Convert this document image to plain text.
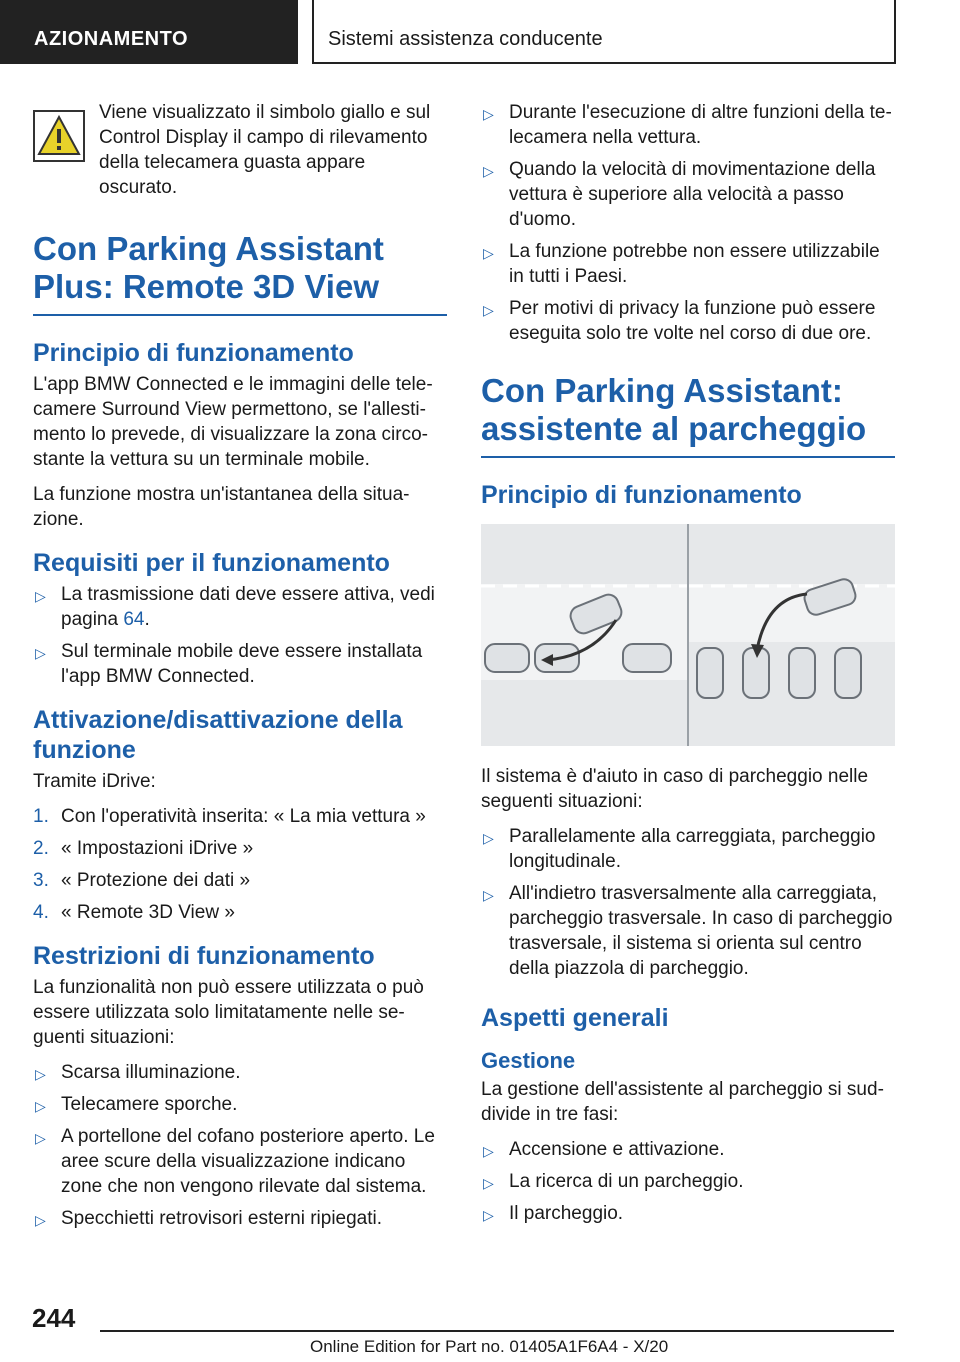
AZIONAMENTO	Sistemi assistenza conducente
Viene visualizzato il simbolo giallo e sul Control Display il campo di rilevamento della telecamera guasta appare oscurato.
Con Parking Assistant Plus: Remote 3D View
Principio di funzionamento

L'app BMW Connected e le immagini delle telecamere Surround View permettono, se l'allestimento lo prevede, di visualizzare la zona circostante la vettura su un terminale mobile.

La funzione mostra un'istantanea della situazione.

Requisiti per il funzionamento
▷ La trasmissione dati deve essere attiva, vedi pagina 64.
▷ Sul terminale mobile deve essere installata l'app BMW Connected.
Attivazione/disattivazione della funzione

Tramite iDrive:

1. Con l'operatività inserita: « La mia vettura »
2. « Impostazioni iDrive »
3. « Protezione dei dati »
4. « Remote 3D View »
Restrizioni di funzionamento

La funzionalità non può essere utilizzata o può essere utilizzata solo limitatamente nelle seguenti situazioni:

▷ Scarsa illuminazione.
▷ Telecamere sporche.
▷ A portellone del cofano posteriore aperto. Le aree scure della visualizzazione indicano zone che non vengono rilevate dal sistema.
▷ Specchietti retrovisori esterni ripiegati.
▷ Durante l'esecuzione di altre funzioni della telecamera nella vettura.
▷ Quando la velocità di movimentazione della vettura è superiore alla velocità a passo d'uomo.
▷ La funzione potrebbe non essere utilizzabile in tutti i Paesi.
▷ Per motivi di privacy la funzione può essere eseguita solo tre volte nel corso di due ore.
Con Parking Assistant: assistente al parcheggio
Principio di funzionamento

Il sistema è d'aiuto in caso di parcheggio nelle seguenti situazioni:

▷ Parallelamente alla carreggiata, parcheggio longitudinale.
▷ All'indietro trasversalmente alla carreggiata, parcheggio trasversale. In caso di parcheggio trasversale, il sistema si orienta sul centro della piazzola di parcheggio.
Aspetti generali
Gestione

La gestione dell'assistente al parcheggio si suddivide in tre fasi:

▷ Accensione e attivazione.
▷ La ricerca di un parcheggio.
▷ Il parcheggio.
244
Online Edition for Part no. 01405A1F6A4 - X/20
